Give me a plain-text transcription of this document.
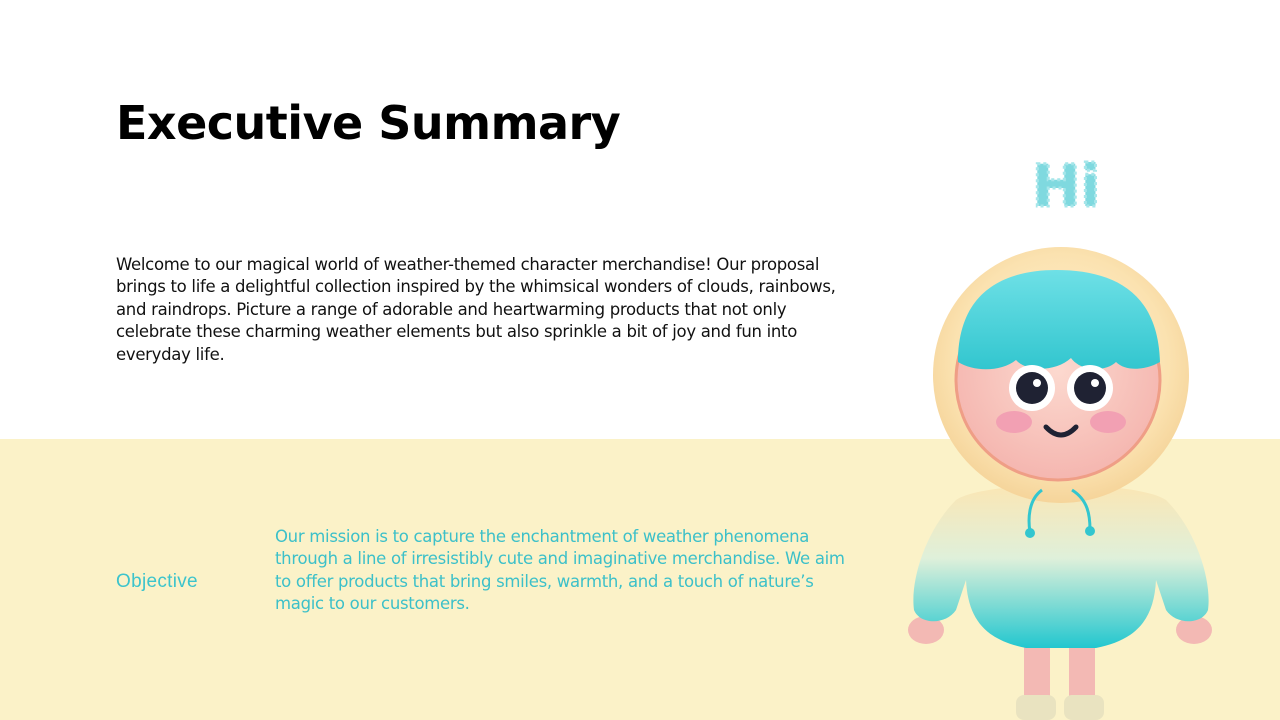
Executive Summary

Welcome to our magical world of weather-themed character merchandise! Our proposal brings to life a delightful collection inspired by the whimsical wonders of clouds, rainbows, and raindrops. Picture a range of adorable and heartwarming products that not only celebrate these charming weather elements but also sprinkle a bit of joy and fun into everyday life.

Objective

Our mission is to capture the enchantment of weather phenomena through a line of irresistibly cute and imaginative merchandise. We aim to offer products that bring smiles, warmth, and a touch of nature’s magic to our customers.

Hi
